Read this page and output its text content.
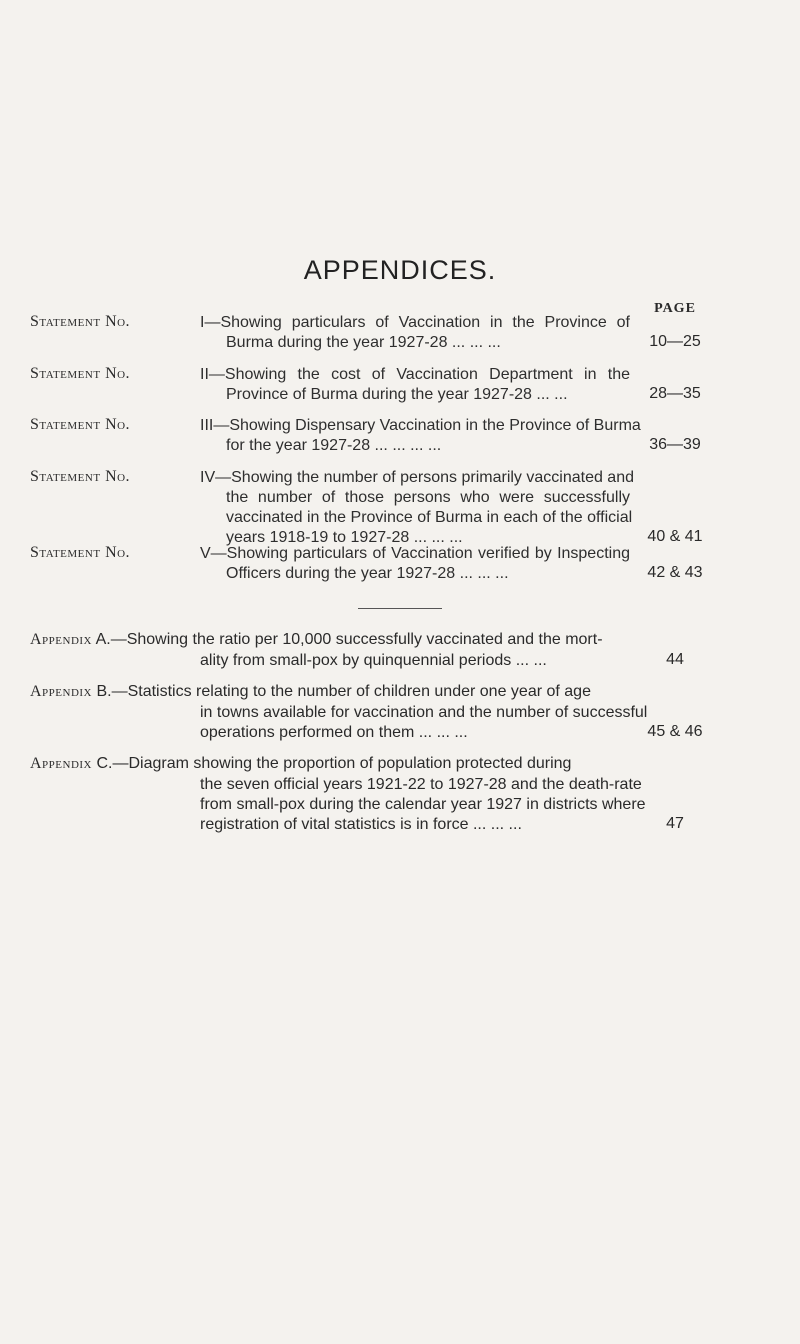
APPENDICES.
PAGE
Statement No.	I—Showing particulars of Vaccination in the Province of
Burma during the year 1927-28 ... ... ...	10—25
Statement No.	II—Showing the cost of Vaccination Department in the
Province of Burma during the year 1927-28 ... ...	28—35
Statement No.	III—Showing Dispensary Vaccination in the Province of Burma
for the year 1927-28 ... ... ... ...	36—39
Statement No.	IV—Showing the number of persons primarily vaccinated and
the number of those persons who were successfully
vaccinated in the Province of Burma in each of the official
years 1918-19 to 1927-28 ... ... ...	40 & 41
Statement No.	V—Showing particulars of Vaccination verified by Inspecting
Officers during the year 1927-28 ... ... ...	42 & 43
Appendix A.—Showing the ratio per 10,000 successfully vaccinated and the mort-
ality from small-pox by quinquennial periods ... ...	44
Appendix B.—Statistics relating to the number of children under one year of age
in towns available for vaccination and the number of successful
operations performed on them ... ... ...	45 & 46
Appendix C.—Diagram showing the proportion of population protected during
the seven official years 1921-22 to 1927-28 and the death-rate
from small-pox during the calendar year 1927 in districts where
registration of vital statistics is in force ... ... ...	47
